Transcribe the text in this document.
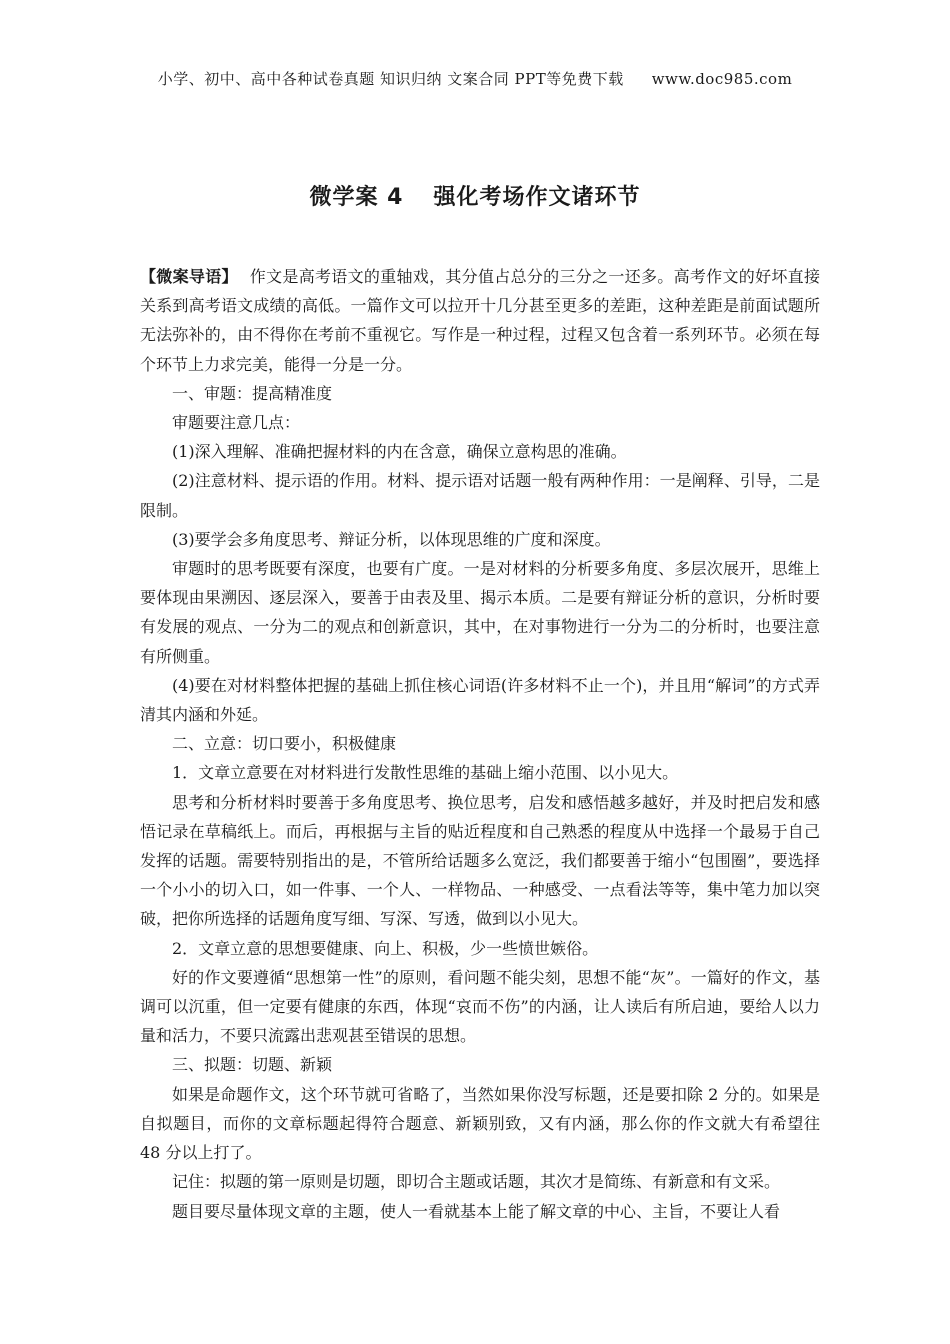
小学、初中、高中各种试卷真题 知识归纳 文案合同 PPT等免费下载 www.doc985.com
微学案 4 强化考场作文诸环节

【微案导语】 作文是高考语文的重轴戏，其分值占总分的三分之一还多。高考作文的好坏直接关系到高考语文成绩的高低。一篇作文可以拉开十几分甚至更多的差距，这种差距是前面试题所无法弥补的，由不得你在考前不重视它。写作是一种过程，过程又包含着一系列环节。必须在每个环节上力求完美，能得一分是一分。

一、审题：提高精准度

审题要注意几点：

(1)深入理解、准确把握材料的内在含意，确保立意构思的准确。

(2)注意材料、提示语的作用。材料、提示语对话题一般有两种作用：一是阐释、引导，二是限制。

(3)要学会多角度思考、辩证分析，以体现思维的广度和深度。

审题时的思考既要有深度，也要有广度。一是对材料的分析要多角度、多层次展开，思维上要体现由果溯因、逐层深入，要善于由表及里、揭示本质。二是要有辩证分析的意识，分析时要有发展的观点、一分为二的观点和创新意识，其中，在对事物进行一分为二的分析时，也要注意有所侧重。

(4)要在对材料整体把握的基础上抓住核心词语(许多材料不止一个)，并且用“解词”的方式弄清其内涵和外延。

二、立意：切口要小，积极健康

1．文章立意要在对材料进行发散性思维的基础上缩小范围、以小见大。

思考和分析材料时要善于多角度思考、换位思考，启发和感悟越多越好，并及时把启发和感悟记录在草稿纸上。而后，再根据与主旨的贴近程度和自己熟悉的程度从中选择一个最易于自己发挥的话题。需要特别指出的是，不管所给话题多么宽泛，我们都要善于缩小“包围圈”，要选择一个小小的切入口，如一件事、一个人、一样物品、一种感受、一点看法等等，集中笔力加以突破，把你所选择的话题角度写细、写深、写透，做到以小见大。

2．文章立意的思想要健康、向上、积极，少一些愤世嫉俗。

好的作文要遵循“思想第一性”的原则，看问题不能尖刻，思想不能“灰”。一篇好的作文，基调可以沉重，但一定要有健康的东西，体现“哀而不伤”的内涵，让人读后有所启迪，要给人以力量和活力，不要只流露出悲观甚至错误的思想。

三、拟题：切题、新颖

如果是命题作文，这个环节就可省略了，当然如果你没写标题，还是要扣除 2 分的。如果是自拟题目，而你的文章标题起得符合题意、新颖别致，又有内涵，那么你的作文就大有希望往 48 分以上打了。

记住：拟题的第一原则是切题，即切合主题或话题，其次才是简练、有新意和有文采。

题目要尽量体现文章的主题，使人一看就基本上能了解文章的中心、主旨，不要让人看
